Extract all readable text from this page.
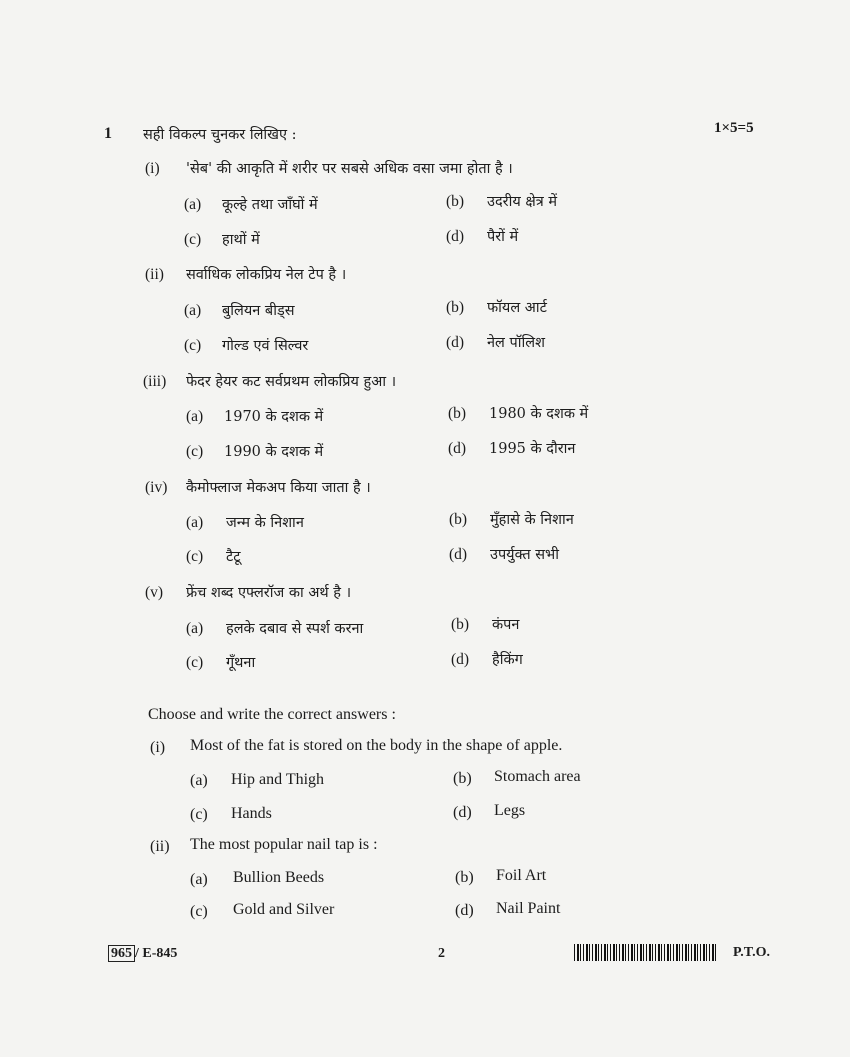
1 सही विकल्प चुनकर लिखिए :	1×5=5
(i) 'सेब' की आकृति में शरीर पर सबसे अधिक वसा जमा होता है ।
(a) कूल्हे तथा जाँघों में	(b) उदरीय क्षेत्र में
(c) हाथों में	(d) पैरों में
(ii) सर्वाधिक लोकप्रिय नेल टेप है ।
(a) बुलियन बीड्स	(b) फॉयल आर्ट
(c) गोल्ड एवं सिल्वर	(d) नेल पॉलिश
(iii) फेदर हेयर कट सर्वप्रथम लोकप्रिय हुआ ।
(a) 1970 के दशक में	(b) 1980 के दशक में
(c) 1990 के दशक में	(d) 1995 के दौरान
(iv) कैमोफ्लाज मेकअप किया जाता है ।
(a) जन्म के निशान	(b) मुँहासे के निशान
(c) टैटू	(d) उपर्युक्त सभी
(v) फ्रेंच शब्द एफ्लरॉज का अर्थ है ।
(a) हलके दबाव से स्पर्श करना	(b) कंपन
(c) गूँथना	(d) हैकिंग
Choose and write the correct answers :
(i) Most of the fat is stored on the body in the shape of apple.
(a) Hip and Thigh	(b) Stomach area
(c) Hands	(d) Legs
(ii) The most popular nail tap is :
(a) Bullion Beeds	(b) Foil Art
(c) Gold and Silver	(d) Nail Paint
965 / E-845	2	P.T.O.
